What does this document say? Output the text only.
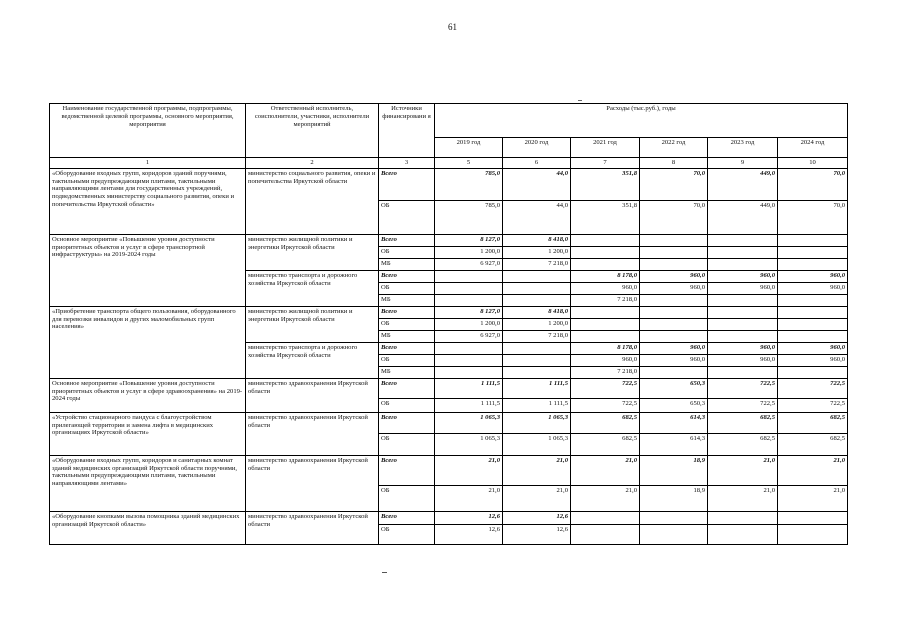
61
Наименование государственной программы, подпрограммы, ведомственной целевой программы, основного мероприятия, мероприятия	Ответственный исполнитель, соисполнители, участники, исполнители мероприятий	Источники финансировани я	Расходы (тыс.руб.), годы					
			2019 год	2020 год	2021 год	2022 год	2023 год	2024 год
1	2	3	5	6	7	8	9	10
«Оборудование входных групп, коридоров зданий поручнями, тактильными предупреждающими плитами, тактильными направляющими лентами для государственных учреждений, подведомственных министерству социального развития, опеки и попечительства Иркутской области»	министерство социального развития, опеки и попечительства Иркутской области	Всего	785,0	44,0	351,8	70,0	449,0	70,0
		ОБ	785,0	44,0	351,8	70,0	449,0	70,0
Основное мероприятие «Повышение уровня доступности приоритетных объектов и услуг в сфере транспортной инфраструктуры» на 2019-2024 годы	министерство жилищной политики и энергетики Иркутской области	Всего	8 127,0	8 418,0				
		ОБ	1 200,0	1 200,0				
		МБ	6 927,0	7 218,0				
	министерство транспорта и дорожного хозяйства Иркутской области	Всего			8 178,0	960,0	960,0	960,0
		ОБ			960,0	960,0	960,0	960,0
		МБ			7 218,0			
«Приобретение транспорта общего пользования, оборудованного для перевозки инвалидов и других маломобильных групп населения»	министерство жилищной политики и энергетики Иркутской области	Всего	8 127,0	8 418,0				
		ОБ	1 200,0	1 200,0				
		МБ	6 927,0	7 218,0				
	министерство транспорта и дорожного хозяйства Иркутской области	Всего			8 178,0	960,0	960,0	960,0
		ОБ			960,0	960,0	960,0	960,0
		МБ			7 218,0			
Основное мероприятие «Повышение уровня доступности приоритетных объектов и услуг в сфере здравоохранения» на 2019-2024 годы	министерство здравоохранения Иркутской области	Всего	1 111,5	1 111,5	722,5	650,3	722,5	722,5
		ОБ	1 111,5	1 111,5	722,5	650,3	722,5	722,5
«Устройство стационарного пандуса с благоустройством прилегающей территории и замена лифта в медицинских организациях Иркутской области»	министерство здравоохранения Иркутской области	Всего	1 065,3	1 065,3	682,5	614,3	682,5	682,5
		ОБ	1 065,3	1 065,3	682,5	614,3	682,5	682,5
«Оборудование входных групп, коридоров и санитарных комнат зданий медицинских организаций Иркутской области поручнями, тактильными предупреждающими плитами, тактильными направляющими лентами»	министерство здравоохранения Иркутской области	Всего	21,0	21,0	21,0	18,9	21,0	21,0
		ОБ	21,0	21,0	21,0	18,9	21,0	21,0
«Оборудование кнопками вызова помощника зданий медицинских организаций Иркутской области»	министерство здравоохранения Иркутской области	Всего	12,6	12,6				
		ОБ	12,6	12,6				
